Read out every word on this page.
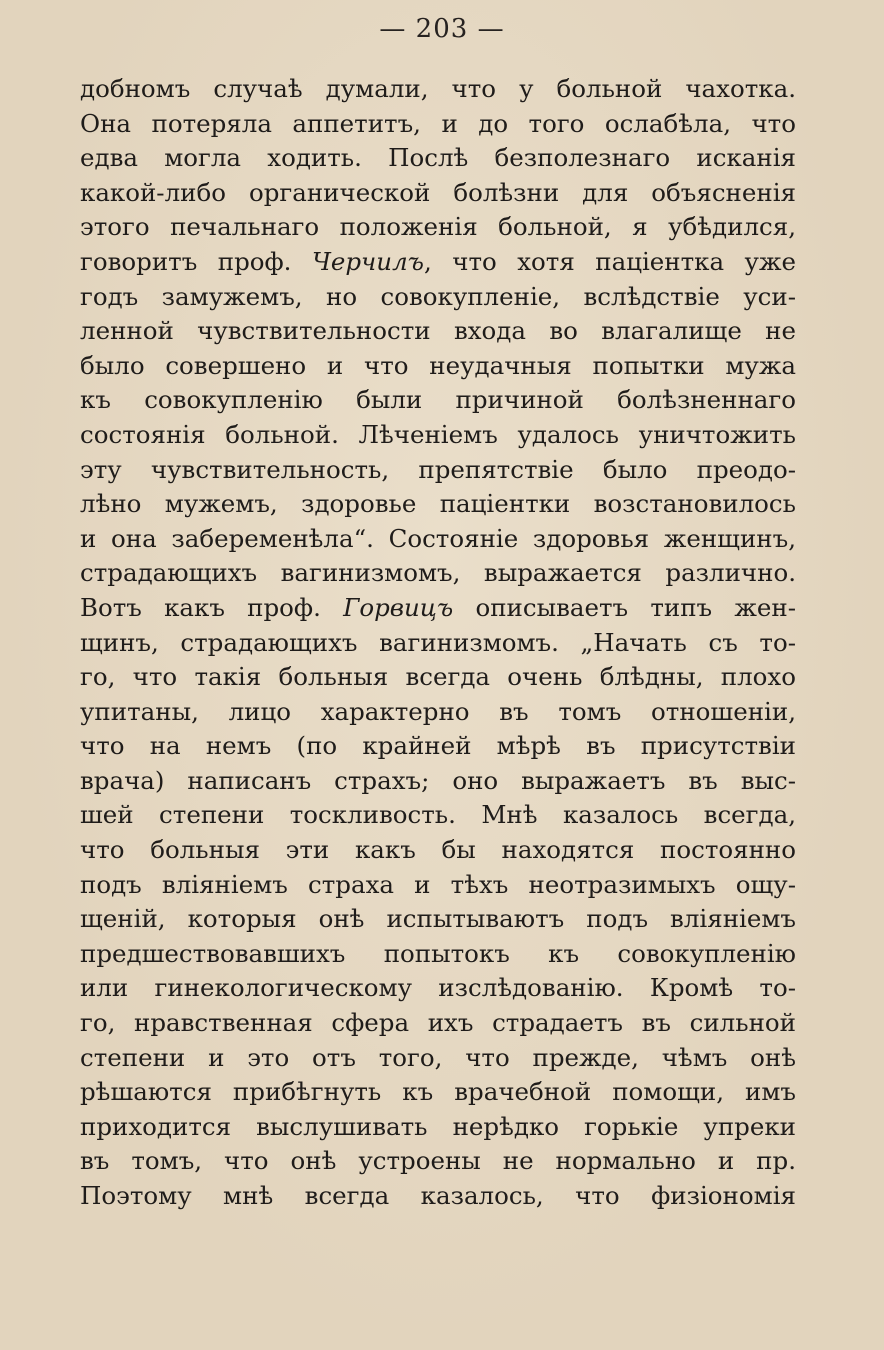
— 203 —
добномъ случаѣ думали, что у больной чахотка.
Она потеряла аппетитъ, и до того ослабѣла, что
едва могла ходить. Послѣ безполезнаго исканія
какой-либо органической болѣзни для объясненія
этого печальнаго положенія больной, я убѣдился,
говоритъ проф. Черчилъ, что хотя паціентка уже
годъ замужемъ, но совокупленіе, вслѣдствіе уси-
ленной чувствительности входа во влагалище не
было совершено и что неудачныя попытки мужа
къ совокупленію были причиной болѣзненнаго
состоянія больной. Лѣченіемъ удалось уничтожить
эту чувствительность, препятствіе было преодо-
лѣно мужемъ, здоровье паціентки возстановилось
и она забеременѣла“. Состояніе здоровья женщинъ,
страдающихъ вагинизмомъ, выражается различно.
Вотъ какъ проф. Горвицъ описываетъ типъ жен-
щинъ, страдающихъ вагинизмомъ. „Начать съ то-
го, что такія больныя всегда очень блѣдны, плохо
упитаны, лицо характерно въ томъ отношеніи,
что на немъ (по крайней мѣрѣ въ присутствіи
врача) написанъ страхъ; оно выражаетъ въ выс-
шей степени тоскливость. Мнѣ казалось всегда,
что больныя эти какъ бы находятся постоянно
подъ вліяніемъ страха и тѣхъ неотразимыхъ ощу-
щеній, которыя онѣ испытываютъ подъ вліяніемъ
предшествовавшихъ попытокъ къ совокупленію
или гинекологическому изслѣдованію. Кромѣ то-
го, нравственная сфера ихъ страдаетъ въ сильной
степени и это отъ того, что прежде, чѣмъ онѣ
рѣшаются прибѣгнуть къ врачебной помощи, имъ
приходится выслушивать нерѣдко горькіе упреки
въ томъ, что онѣ устроены не нормально и пр.
Поэтому мнѣ всегда казалось, что физіономія
